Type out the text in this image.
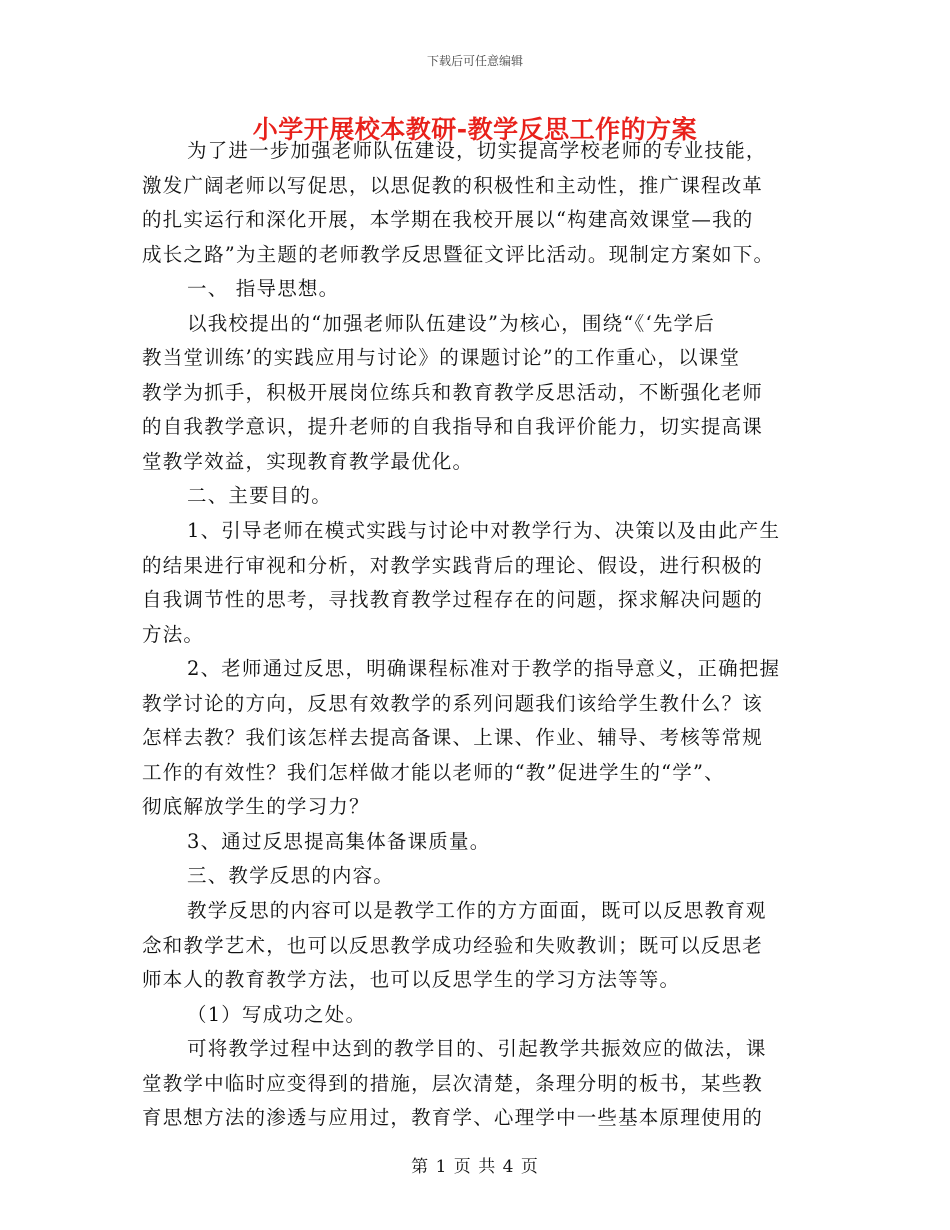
下载后可任意编辑
小学开展校本教研-教学反思工作的方案
为了进一步加强老师队伍建设，切实提高学校老师的专业技能，
激发广阔老师以写促思，以思促教的积极性和主动性，推广课程改革
的扎实运行和深化开展，本学期在我校开展以“构建高效课堂—我的
成长之路”为主题的老师教学反思暨征文评比活动。现制定方案如下。
一、 指导思想。
以我校提出的“加强老师队伍建设”为核心，围绕“《‘先学后
教当堂训练’的实践应用与讨论》的课题讨论”的工作重心，以课堂
教学为抓手，积极开展岗位练兵和教育教学反思活动，不断强化老师
的自我教学意识，提升老师的自我指导和自我评价能力，切实提高课
堂教学效益，实现教育教学最优化。
二、主要目的。
1、引导老师在模式实践与讨论中对教学行为、决策以及由此产生
的结果进行审视和分析，对教学实践背后的理论、假设，进行积极的
自我调节性的思考，寻找教育教学过程存在的问题，探求解决问题的
方法。
2、老师通过反思，明确课程标准对于教学的指导意义，正确把握
教学讨论的方向，反思有效教学的系列问题我们该给学生教什么？该
怎样去教？我们该怎样去提高备课、上课、作业、辅导、考核等常规
工作的有效性？我们怎样做才能以老师的“教”促进学生的“学”、
彻底解放学生的学习力？
3、通过反思提高集体备课质量。
三、教学反思的内容。
教学反思的内容可以是教学工作的方方面面，既可以反思教育观
念和教学艺术，也可以反思教学成功经验和失败教训；既可以反思老
师本人的教育教学方法，也可以反思学生的学习方法等等。
（1）写成功之处。
可将教学过程中达到的教学目的、引起教学共振效应的做法，课
堂教学中临时应变得到的措施，层次清楚，条理分明的板书，某些教
育思想方法的渗透与应用过，教育学、心理学中一些基本原理使用的
第 1 页 共 4 页
